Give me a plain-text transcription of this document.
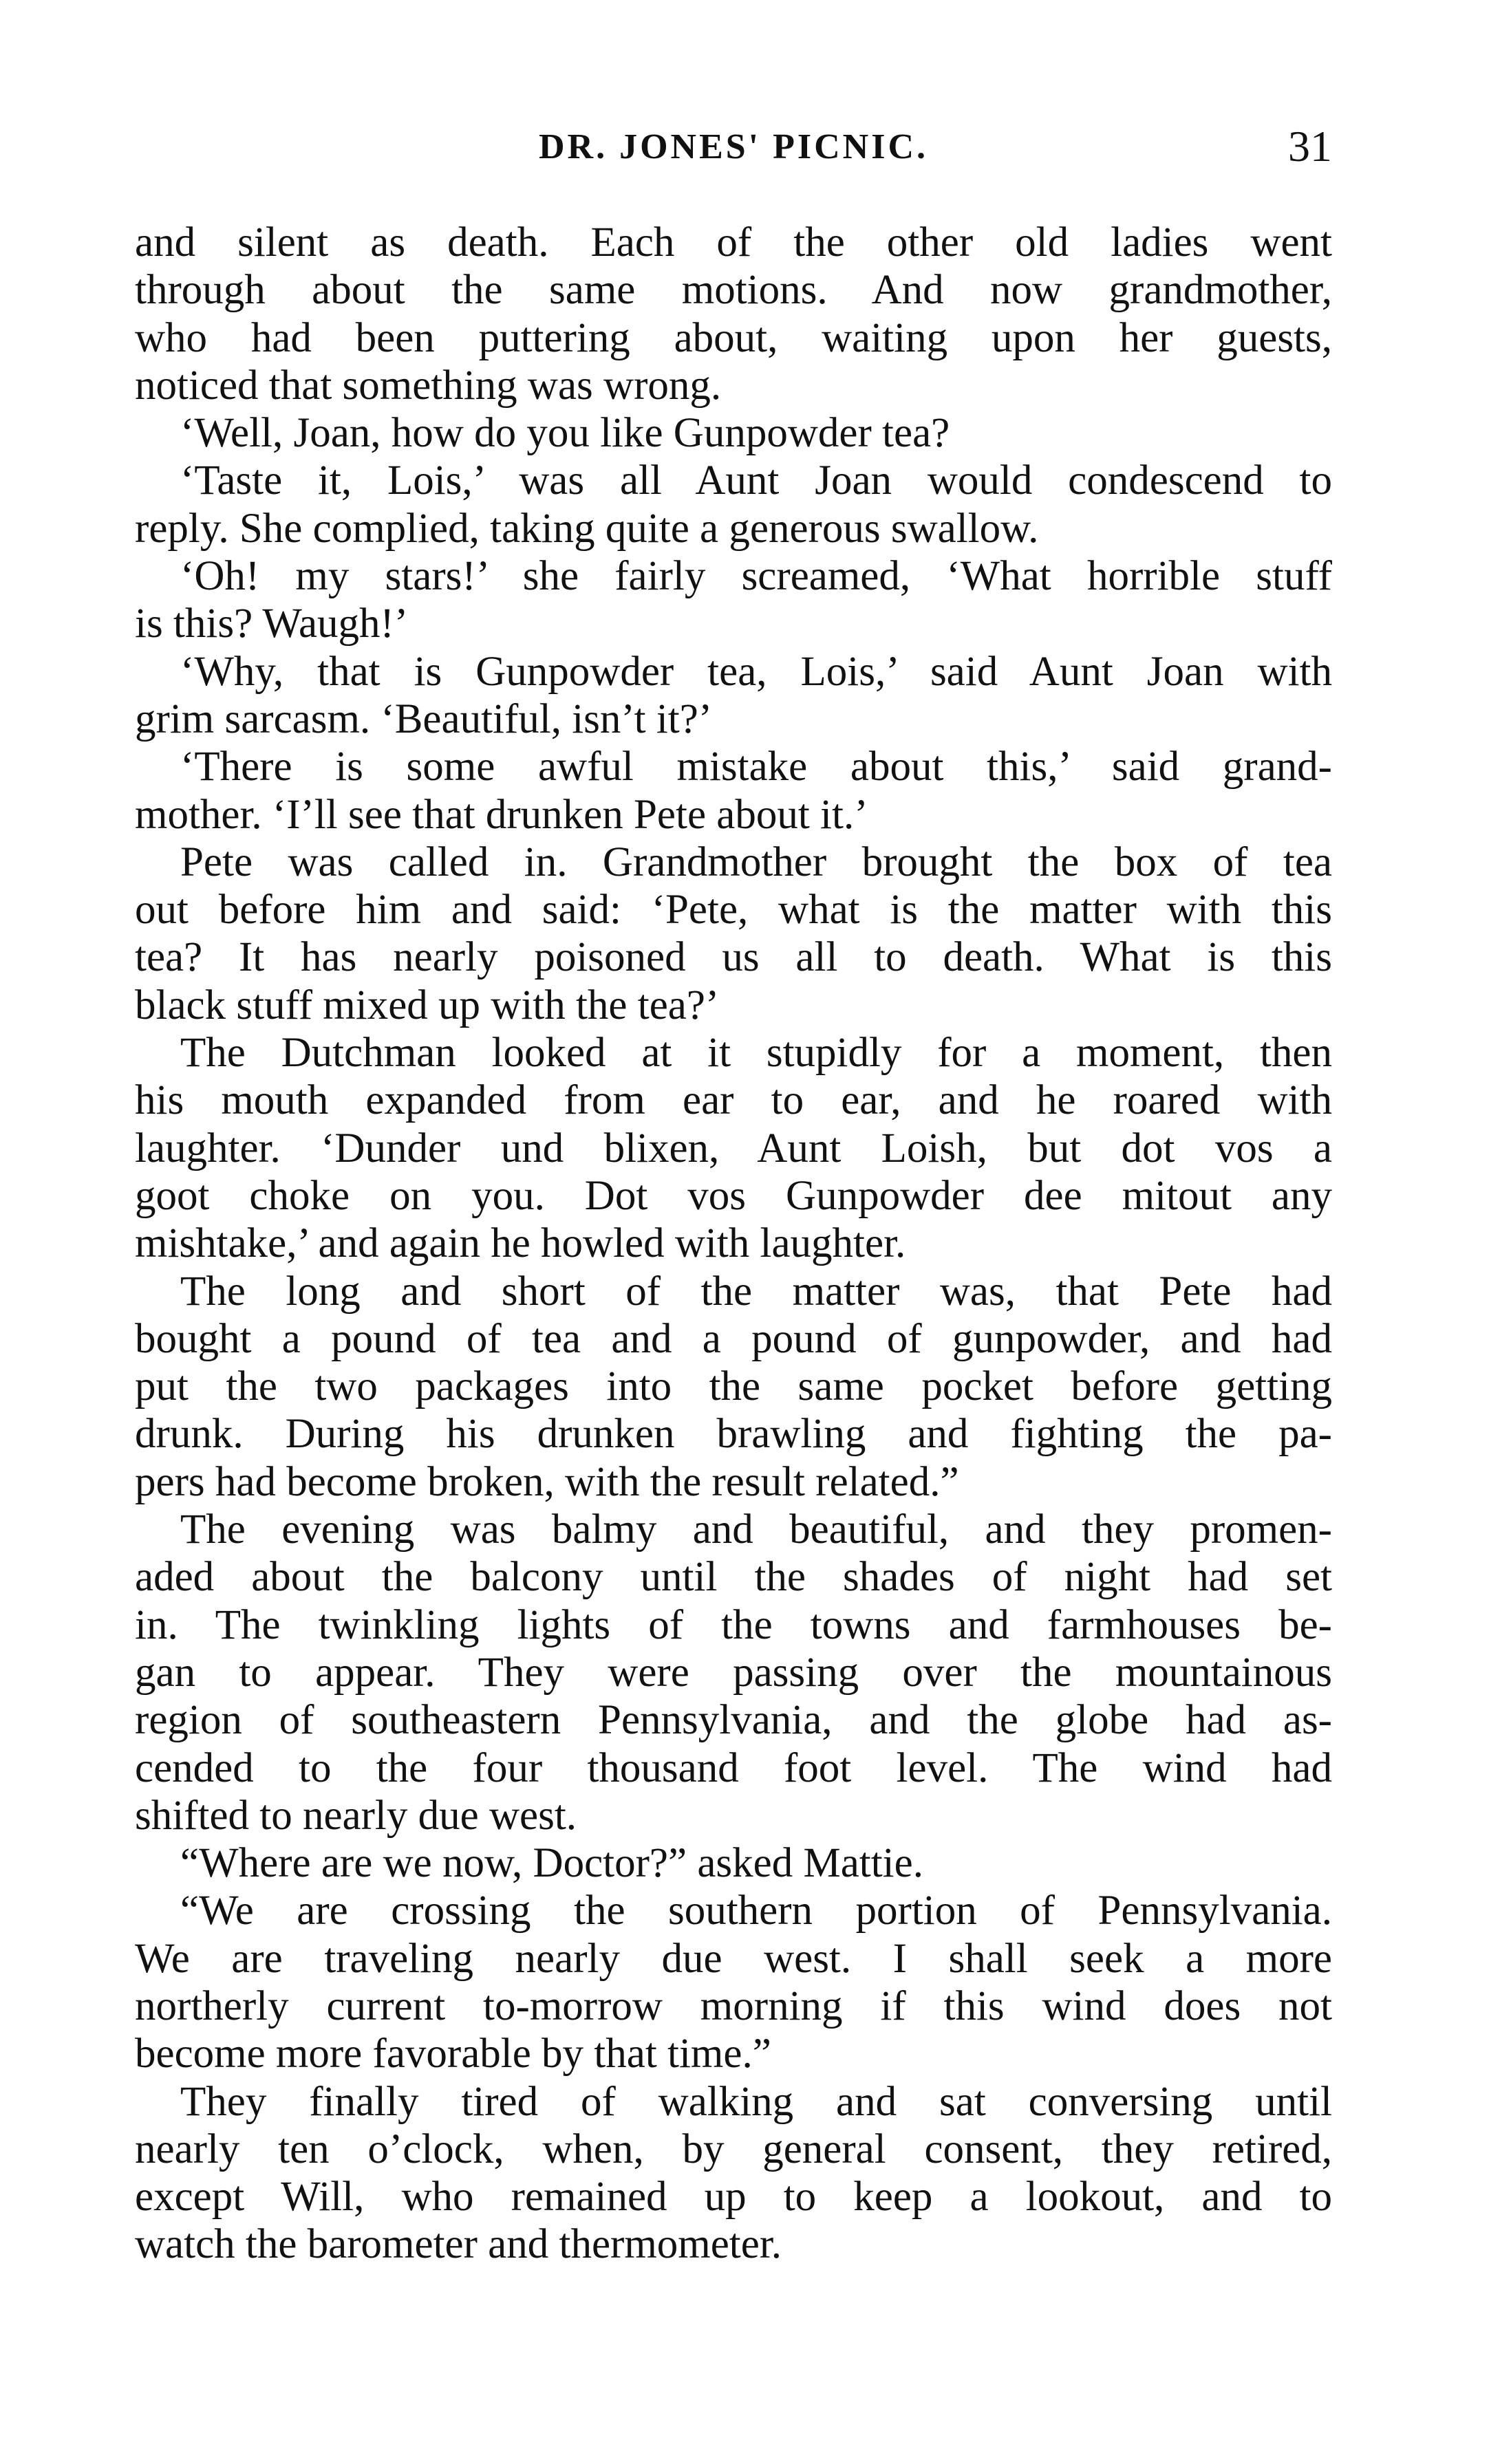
DR. JONES' PICNIC.	31
and silent as death. Each of the other old ladies went
through about the same motions. And now grandmother,
who had been puttering about, waiting upon her guests,
noticed that something was wrong.
‘Well, Joan, how do you like Gunpowder tea?
‘Taste it, Lois,’ was all Aunt Joan would condescend to
reply. She complied, taking quite a generous swallow.
‘Oh! my stars!’ she fairly screamed, ‘What horrible stuff
is this? Waugh!’
‘Why, that is Gunpowder tea, Lois,’ said Aunt Joan with
grim sarcasm. ‘Beautiful, isn’t it?’
‘There is some awful mistake about this,’ said grand-
mother. ‘I’ll see that drunken Pete about it.’
Pete was called in. Grandmother brought the box of tea
out before him and said: ‘Pete, what is the matter with this
tea? It has nearly poisoned us all to death. What is this
black stuff mixed up with the tea?’
The Dutchman looked at it stupidly for a moment, then
his mouth expanded from ear to ear, and he roared with
laughter. ‘Dunder und blixen, Aunt Loish, but dot vos a
goot choke on you. Dot vos Gunpowder dee mitout any
mishtake,’ and again he howled with laughter.
The long and short of the matter was, that Pete had
bought a pound of tea and a pound of gunpowder, and had
put the two packages into the same pocket before getting
drunk. During his drunken brawling and fighting the pa-
pers had become broken, with the result related.”
The evening was balmy and beautiful, and they promen-
aded about the balcony until the shades of night had set
in. The twinkling lights of the towns and farmhouses be-
gan to appear. They were passing over the mountainous
region of southeastern Pennsylvania, and the globe had as-
cended to the four thousand foot level. The wind had
shifted to nearly due west.
“Where are we now, Doctor?” asked Mattie.
“We are crossing the southern portion of Pennsylvania.
We are traveling nearly due west. I shall seek a more
northerly current to-morrow morning if this wind does not
become more favorable by that time.”
They finally tired of walking and sat conversing until
nearly ten o’clock, when, by general consent, they retired,
except Will, who remained up to keep a lookout, and to
watch the barometer and thermometer.
